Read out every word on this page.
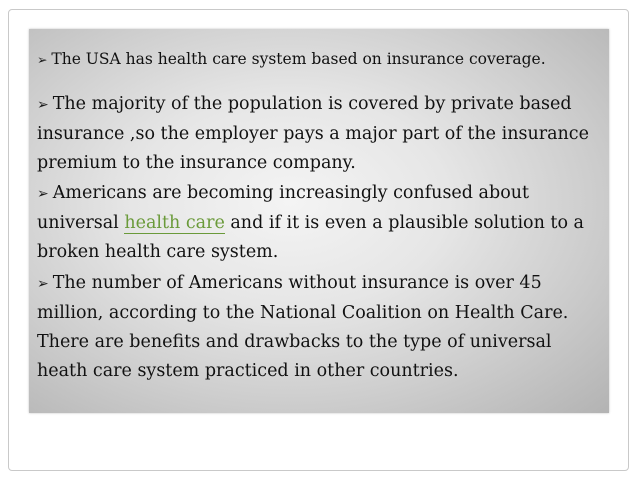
➢ The USA has health care system based on insurance coverage.

➢ The majority of the population is covered by private based insurance ,so the employer pays a major part of the insurance premium to the insurance company.

➢ Americans are becoming increasingly confused about universal health care and if it is even a plausible solution to a broken health care system.

➢ The number of Americans without insurance is over 45 million, according to the National Coalition on Health Care. There are benefits and drawbacks to the type of universal heath care system practiced in other countries.
